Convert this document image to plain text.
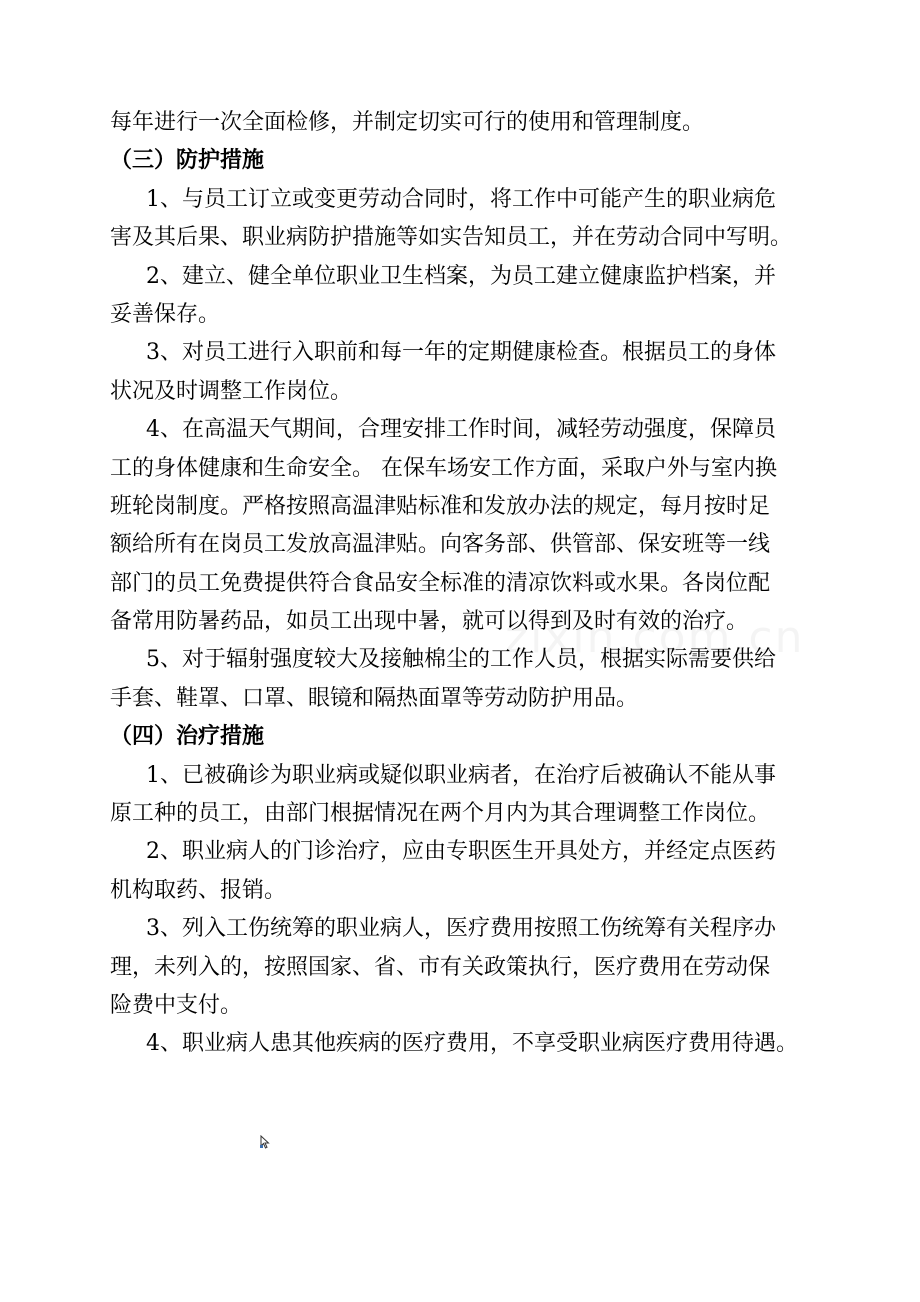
每年进行一次全面检修，并制定切实可行的使用和管理制度。
（三）防护措施
1、与员工订立或变更劳动合同时，将工作中可能产生的职业病危
害及其后果、职业病防护措施等如实告知员工，并在劳动合同中写明。
2、建立、健全单位职业卫生档案，为员工建立健康监护档案，并
妥善保存。
3、对员工进行入职前和每一年的定期健康检查。根据员工的身体
状况及时调整工作岗位。
4、在高温天气期间，合理安排工作时间，减轻劳动强度，保障员
工的身体健康和生命安全。 在保车场安工作方面，采取户外与室内换
班轮岗制度。严格按照高温津贴标准和发放办法的规定，每月按时足
额给所有在岗员工发放高温津贴。向客务部、供管部、保安班等一线
部门的员工免费提供符合食品安全标准的清凉饮料或水果。各岗位配
备常用防暑药品，如员工出现中暑，就可以得到及时有效的治疗。
5、对于辐射强度较大及接触棉尘的工作人员，根据实际需要供给
手套、鞋罩、口罩、眼镜和隔热面罩等劳动防护用品。
（四）治疗措施
1、已被确诊为职业病或疑似职业病者，在治疗后被确认不能从事
原工种的员工，由部门根据情况在两个月内为其合理调整工作岗位。
2、职业病人的门诊治疗，应由专职医生开具处方，并经定点医药
机构取药、报销。
3、列入工伤统筹的职业病人，医疗费用按照工伤统筹有关程序办
理，未列入的，按照国家、省、市有关政策执行，医疗费用在劳动保
险费中支付。
4、职业病人患其他疾病的医疗费用，不享受职业病医疗费用待遇。
